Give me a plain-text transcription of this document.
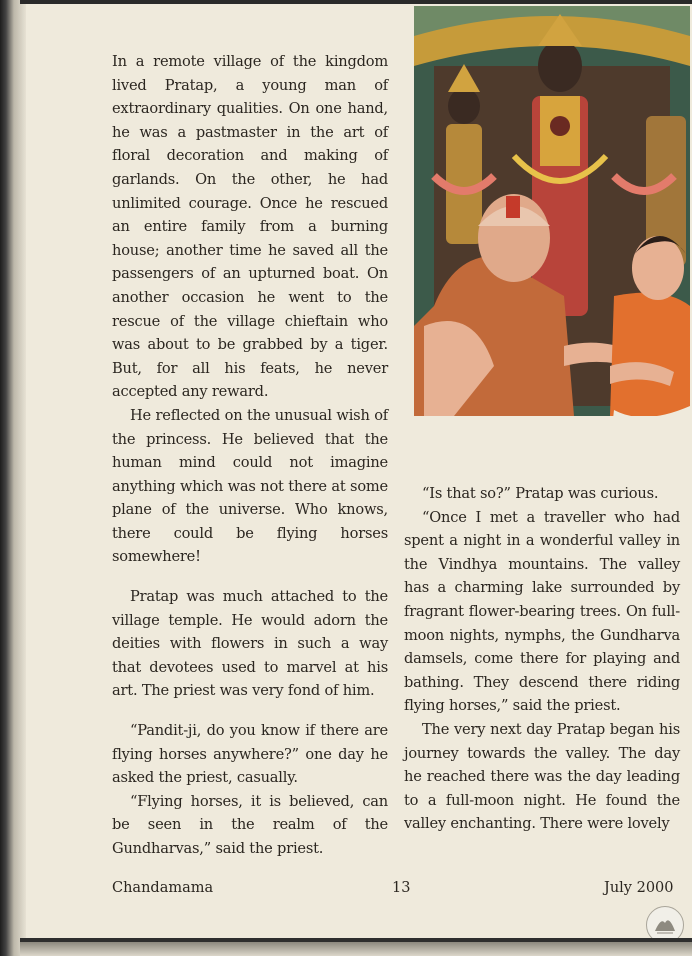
In a remote village of the kingdom lived Pratap, a young man of extraordinary qualities. On one hand, he was a pastmaster in the art of floral decoration and making of garlands. On the other, he had unlimited courage. Once he rescued an entire family from a burning house; another time he saved all the passengers of an upturned boat. On another occasion he went to the rescue of the village chieftain who was about to be grabbed by a tiger. But, for all his feats, he never accepted any reward.

He reflected on the unusual wish of the princess. He believed that the human mind could not imagine anything which was not there at some plane of the universe. Who knows, there could be flying horses somewhere!

Pratap was much attached to the village temple. He would adorn the deities with flowers in such a way that devotees used to marvel at his art. The priest was very fond of him.

“Pandit-ji, do you know if there are flying horses anywhere?” one day he asked the priest, casually.

“Flying horses, it is believed, can be seen in the realm of the Gundharvas,” said the priest.

“Is that so?” Pratap was curious.

“Once I met a traveller who had spent a night in a wonderful valley in the Vindhya mountains. The valley has a charming lake surrounded by fragrant flower-bearing trees. On full-moon nights, nymphs, the Gundharva damsels, come there for playing and bathing. They descend there riding flying horses,” said the priest.

The very next day Pratap began his journey towards the valley. The day he reached there was the day leading to a full-moon night. He found the valley enchanting. There were lovely

Chandamama	13	July 2000
